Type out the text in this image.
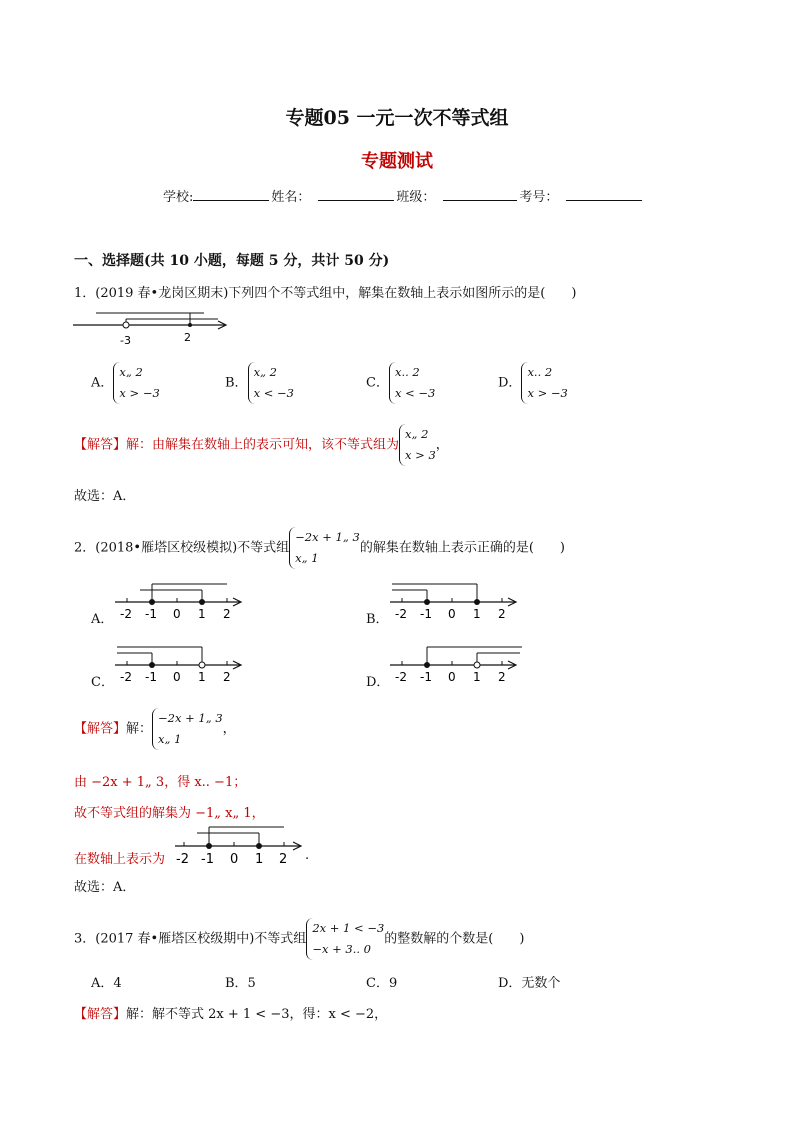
专题05 一元一次不等式组
专题测试
学校:	姓名：	班级：	考号：
一、选择题(共 10 小题，每题 5 分，共计 50 分)
1．(2019 春•龙岗区期末)下列四个不等式组中，解集在数轴上表示如图所示的是(　　)
-3	2
A．
x„ 2
x > −3
B．
x„ 2
x < −3
C．
x.. 2
x < −3
D．
x.. 2
x > −3
【解答】解：由解集在数轴上的表示可知，该不等式组为
x„ 2
x > 3
，
故选：A．
2．(2018•雁塔区校级模拟)不等式组
−2x + 1„ 3
x„ 1
的解集在数轴上表示正确的是(　　)
A． -2 -1 0 1 2	B． -2 -1 0 1 2
C． -2 -1 0 1 2	D． -2 -1 0 1 2
【解答】解：
−2x + 1„ 3
x„ 1
，
由 −2x + 1„ 3，得 x.. −1；
故不等式组的解集为 −1„ x„ 1，
在数轴上表示为 -2 -1 0 1 2 .
故选：A．
3．(2017 春•雁塔区校级期中)不等式组
2x + 1 < −3
−x + 3.. 0
的整数解的个数是(　　)
A．4	B．5	C．9	D．无数个
【解答】解：解不等式 2x + 1 < −3，得：x < −2，
